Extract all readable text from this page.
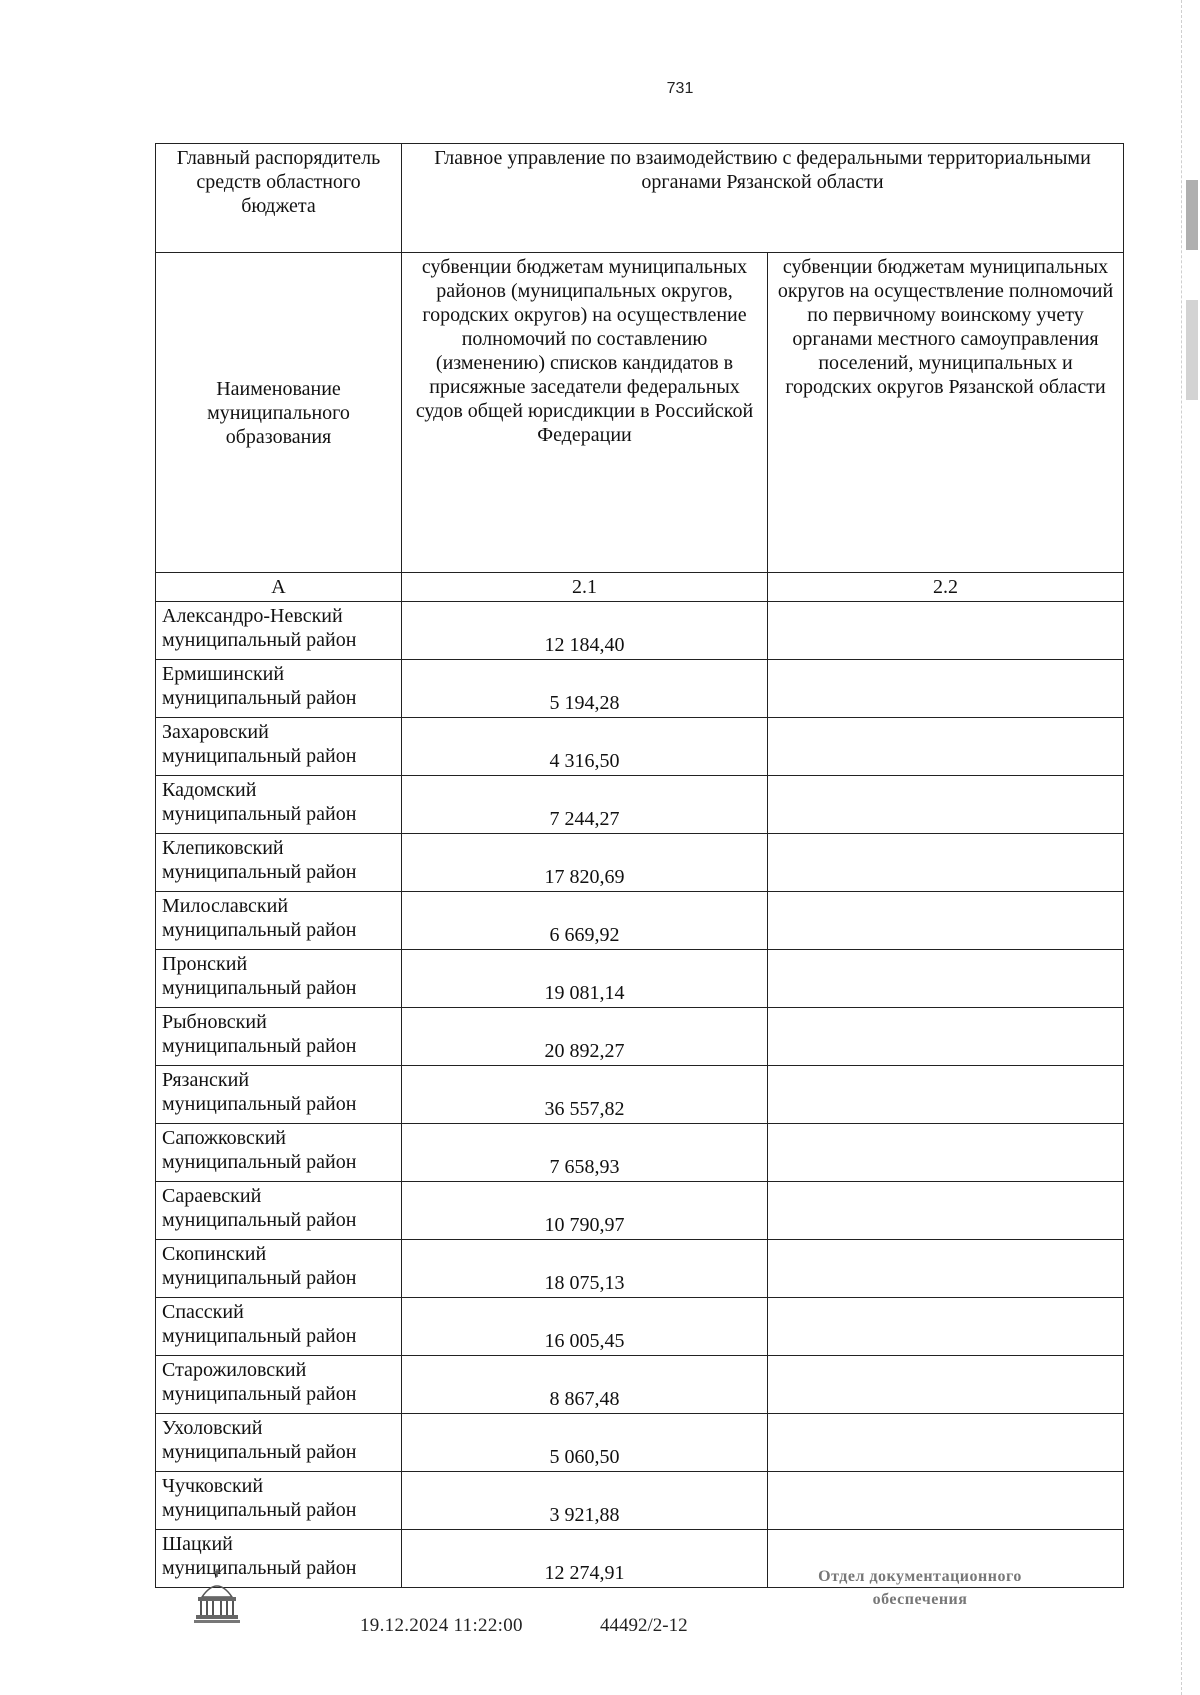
731
Главный распорядитель средств областного бюджета	Главное управление по взаимодействию с федеральными территориальными органами Рязанской области	
Наименование муниципального образования	субвенции бюджетам муниципальных районов (муниципальных округов, городских округов) на осуществление полномочий по составлению (изменению) списков кандидатов в присяжные заседатели федеральных судов общей юрисдикции в Российской Федерации	субвенции бюджетам муниципальных округов на осуществление полномочий по первичному воинскому учету органами местного самоуправления поселений, муниципальных и городских округов Рязанской области
А	2.1	2.2

Александро-Невский
муниципальный район	12 184,40	

Ермишинский
муниципальный район	5 194,28	

Захаровский
муниципальный район	4 316,50	

Кадомский
муниципальный район	7 244,27	

Клепиковский
муниципальный район	17 820,69	

Милославский
муниципальный район	6 669,92	

Пронский
муниципальный район	19 081,14	

Рыбновский
муниципальный район	20 892,27	

Рязанский
муниципальный район	36 557,82	

Сапожковский
муниципальный район	7 658,93	

Сараевский
муниципальный район	10 790,97	

Скопинский
муниципальный район	18 075,13	

Спасский
муниципальный район	16 005,45	

Старожиловский
муниципальный район	8 867,48	

Ухоловский
муниципальный район	5 060,50	

Чучковский
муниципальный район	3 921,88	

Шацкий
муниципальный район	12 274,91	
19.12.2024 11:22:00	44492/2-12
Отдел документационного
обеспечения
